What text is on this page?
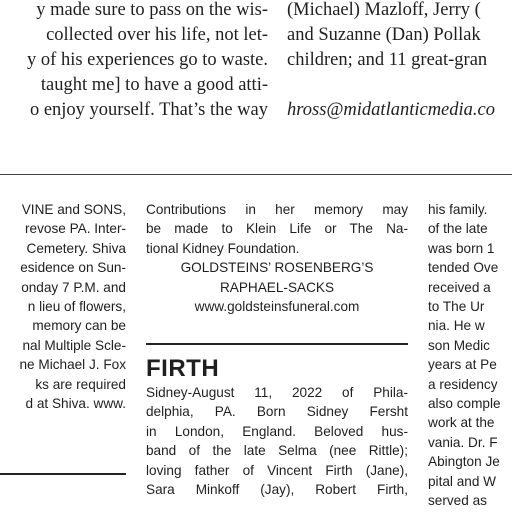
y made sure to pass on the wis-
collected over his life, not let-
y of his experiences go to waste.
taught me] to have a good atti-
o enjoy yourself. That’s the way
(Michael) Mazloff, Jerry (
and Suzanne (Dan) Pollak
children; and 11 great-gran
hross@midatlanticmedia.co
VINE and SONS,
revose PA. Inter-
Cemetery. Shiva
esidence on Sun-
onday 7 P.M. and
n lieu of flowers,
memory can be
nal Multiple Scle-
ne Michael J. Fox
ks are required
d at Shiva. www.
Contributions in her memory may
be made to Klein Life or The Na-
tional Kidney Foundation.
GOLDSTEINS’ ROSENBERG’S
RAPHAEL-SACKS
www.goldsteinsfuneral.com
FIRTH
Sidney-August 11, 2022 of Phila-
delphia, PA. Born Sidney Fersht
in London, England. Beloved hus-
band of the late Selma (nee Rittle);
loving father of Vincent Firth (Jane),
Sara Minkoff (Jay), Robert Firth,
his family.
of the late
was born 1
tended Ove
received a
to The Ur
nia. He w
son Medic
years at Pe
a residency
also comple
work at the
vania. Dr. F
Abington Je
pital and W
served as
